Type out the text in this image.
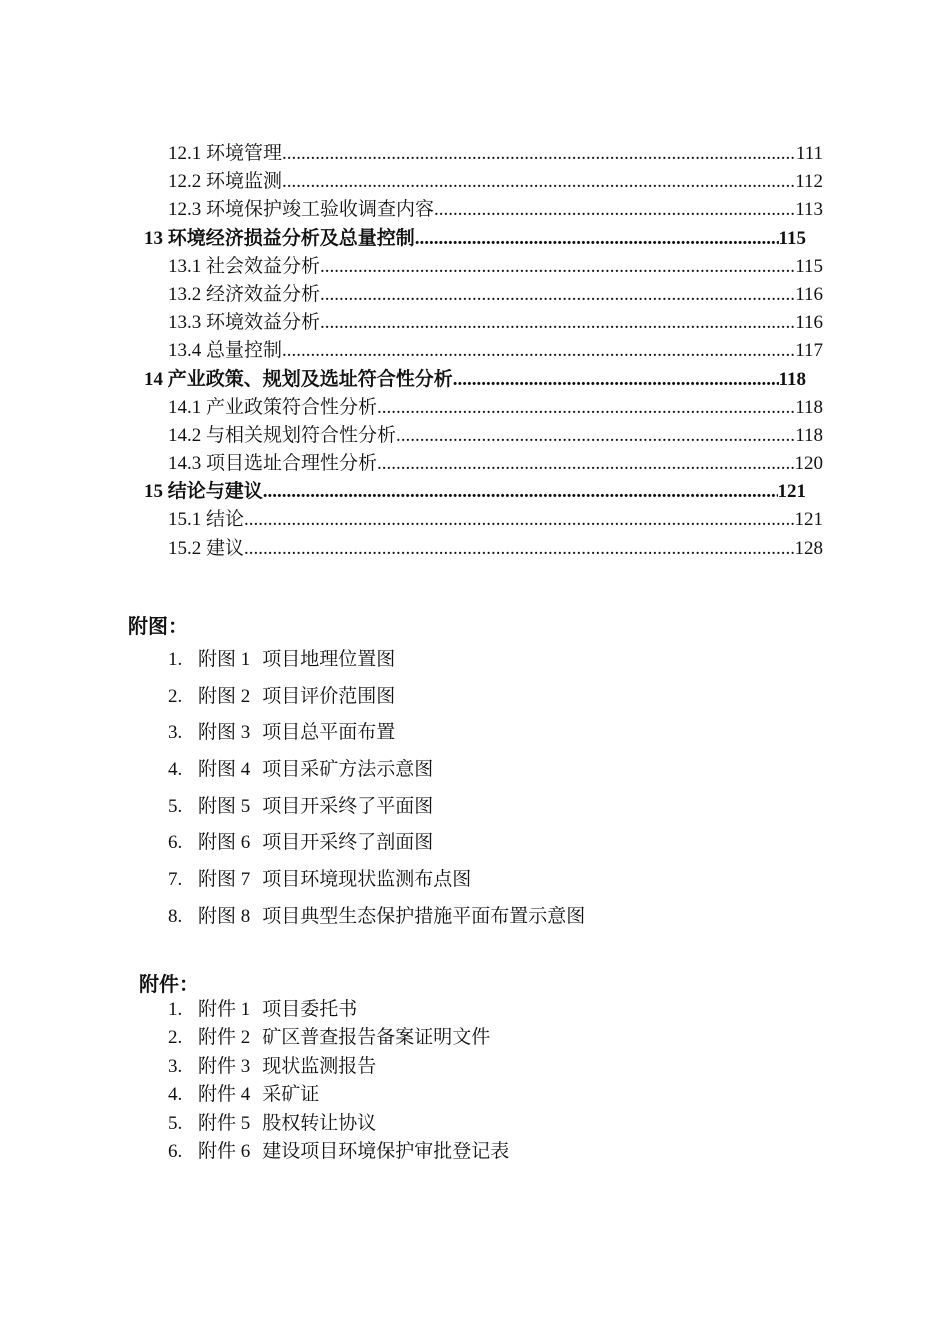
12.1 环境管理 .....	111
12.2 环境监测 .....	112
12.3 环境保护竣工验收调查内容 .....	113
13 环境经济损益分析及总量控制 .....	115
13.1 社会效益分析 .....	115
13.2 经济效益分析 .....	116
13.3 环境效益分析 .....	116
13.4 总量控制 .....	117
14 产业政策、规划及选址符合性分析 .....	118
14.1 产业政策符合性分析 .....	118
14.2 与相关规划符合性分析 .....	118
14.3 项目选址合理性分析 .....	120
15 结论与建议 .....	121
15.1 结论 .....	121
15.2 建议 .....	128
附图：
1. 附图 1 项目地理位置图
2. 附图 2 项目评价范围图
3. 附图 3 项目总平面布置
4. 附图 4 项目采矿方法示意图
5. 附图 5 项目开采终了平面图
6. 附图 6 项目开采终了剖面图
7. 附图 7 项目环境现状监测布点图
8. 附图 8 项目典型生态保护措施平面布置示意图
附件：
1. 附件 1 项目委托书
2. 附件 2 矿区普查报告备案证明文件
3. 附件 3 现状监测报告
4. 附件 4 采矿证
5. 附件 5 股权转让协议
6. 附件 6 建设项目环境保护审批登记表
